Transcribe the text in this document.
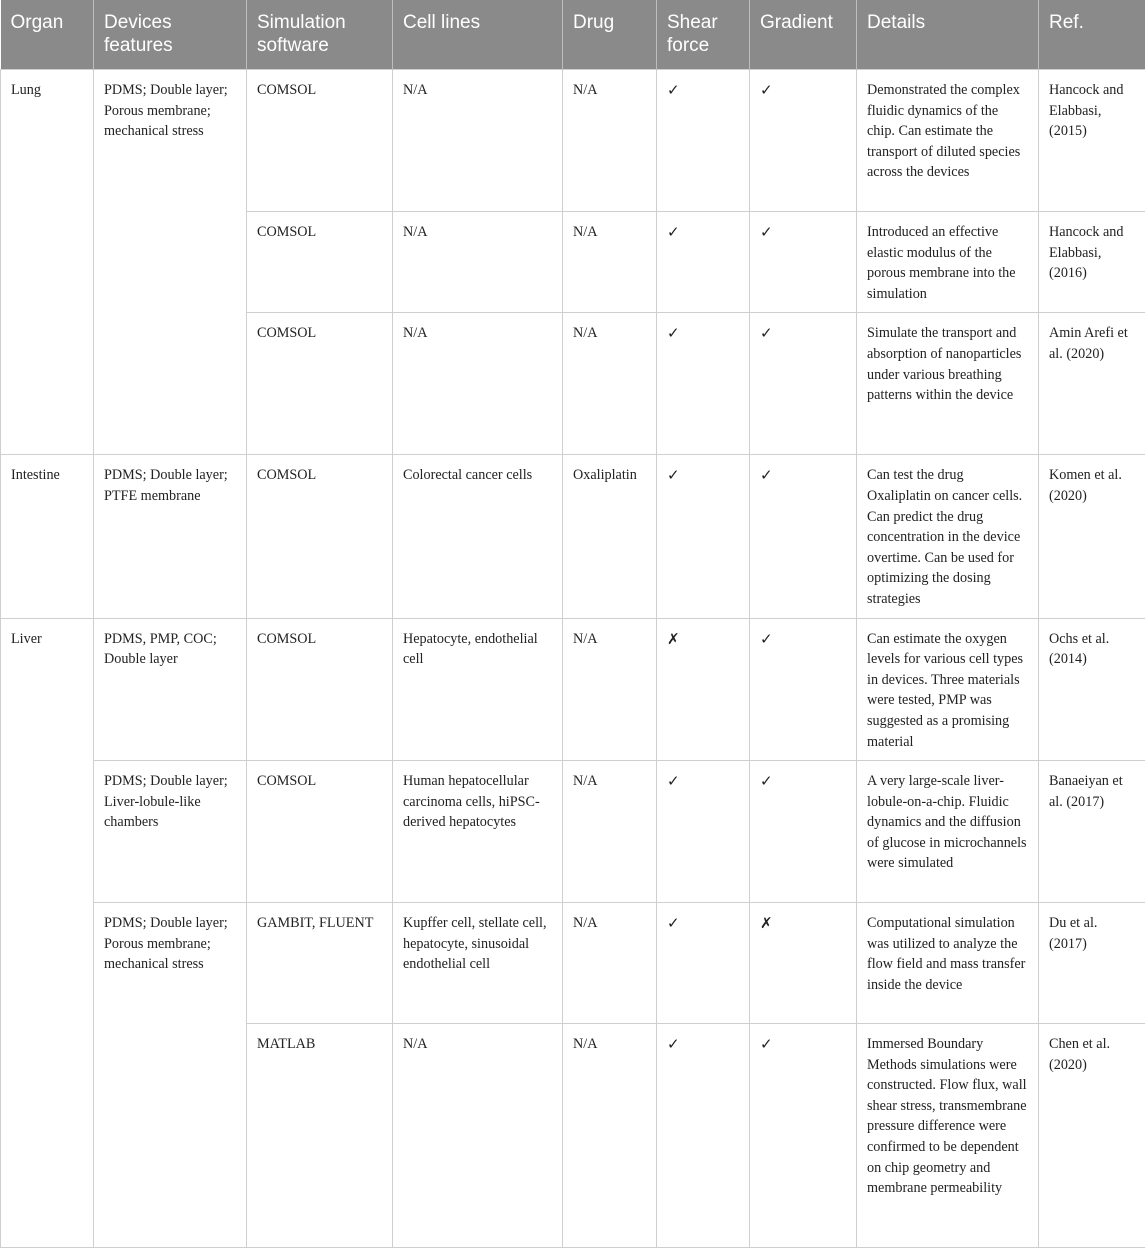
Organ	Devices features	Simulation software	Cell lines	Drug	Shear force	Gradient	Details	Ref.
Lung	PDMS; Double layer; Porous membrane; mechanical stress	COMSOL	N/A	N/A	✓	✓	Demonstrated the complex fluidic dynamics of the chip. Can estimate the transport of diluted species across the devices	Hancock and Elabbasi, (2015)
		COMSOL	N/A	N/A	✓	✓	Introduced an effective elastic modulus of the porous membrane into the simulation	Hancock and Elabbasi, (2016)
		COMSOL	N/A	N/A	✓	✓	Simulate the transport and absorption of nanoparticles under various breathing patterns within the device	Amin Arefi et al. (2020)
Intestine	PDMS; Double layer; PTFE membrane	COMSOL	Colorectal cancer cells	Oxaliplatin	✓	✓	Can test the drug Oxaliplatin on cancer cells. Can predict the drug concentration in the device overtime. Can be used for optimizing the dosing strategies	Komen et al. (2020)
Liver	PDMS, PMP, COC; Double layer	COMSOL	Hepatocyte, endothelial cell	N/A	✗	✓	Can estimate the oxygen levels for various cell types in devices. Three materials were tested, PMP was suggested as a promising material	Ochs et al. (2014)
	PDMS; Double layer; Liver-lobule-like chambers	COMSOL	Human hepatocellular carcinoma cells, hiPSC-derived hepatocytes	N/A	✓	✓	A very large-scale liver-lobule-on-a-chip. Fluidic dynamics and the diffusion of glucose in microchannels were simulated	Banaeiyan et al. (2017)
	PDMS; Double layer; Porous membrane; mechanical stress	GAMBIT, FLUENT	Kupffer cell, stellate cell, hepatocyte, sinusoidal endothelial cell	N/A	✓	✗	Computational simulation was utilized to analyze the flow field and mass transfer inside the device	Du et al. (2017)
		MATLAB	N/A	N/A	✓	✓	Immersed Boundary Methods simulations were constructed. Flow flux, wall shear stress, transmembrane pressure difference were confirmed to be dependent on chip geometry and membrane permeability	Chen et al. (2020)
